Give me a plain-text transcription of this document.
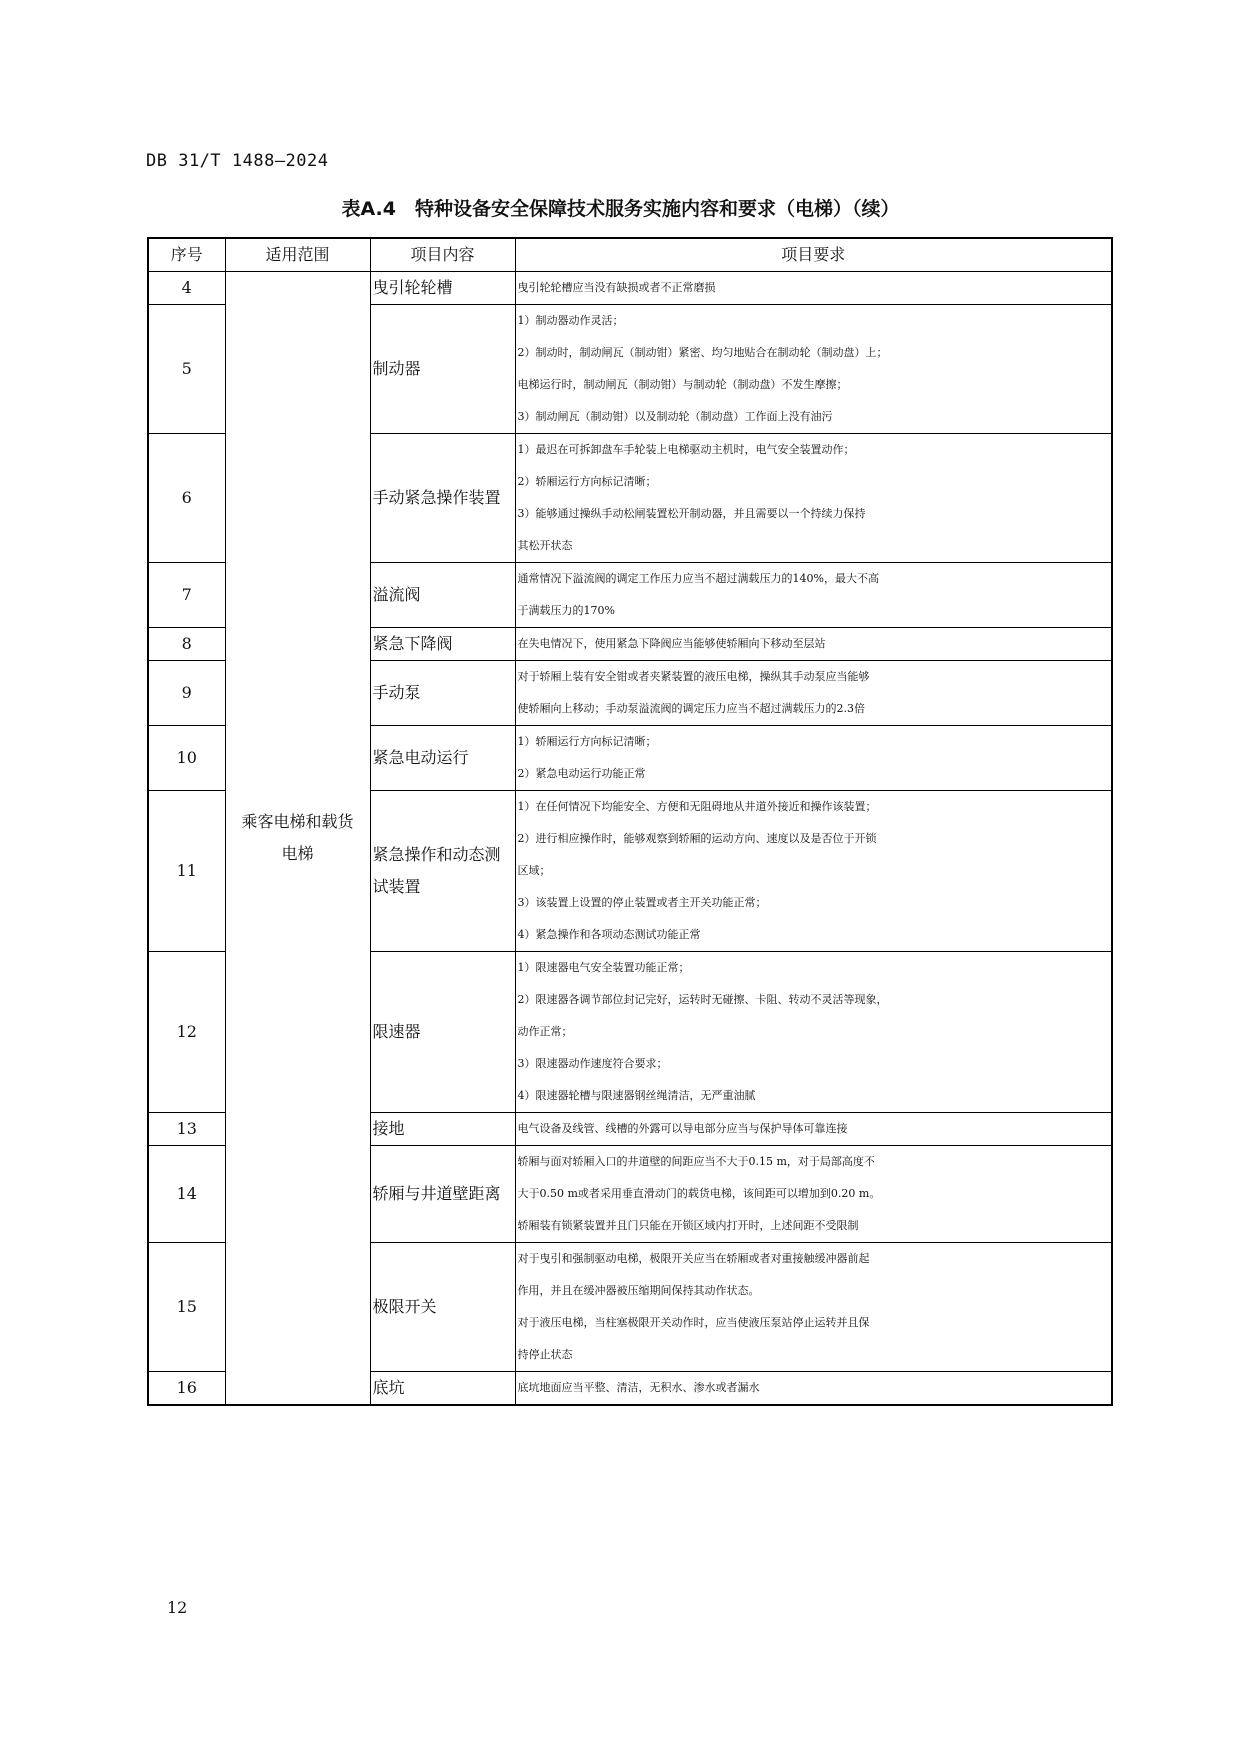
DB 31/T 1488—2024
表A.4　特种设备安全保障技术服务实施内容和要求（电梯）（续）
序号	适用范围	项目内容	项目要求
4	乘客电梯和载货电梯	曳引轮轮槽	曳引轮轮槽应当没有缺损或者不正常磨损

5		制动器	1）制动器动作灵活；
2）制动时，制动闸瓦（制动钳）紧密、均匀地贴合在制动轮（制动盘）上；
电梯运行时，制动闸瓦（制动钳）与制动轮（制动盘）不发生摩擦；
3）制动闸瓦（制动钳）以及制动轮（制动盘）工作面上没有油污

6		手动紧急操作装置	1）最迟在可拆卸盘车手轮装上电梯驱动主机时，电气安全装置动作；
2）轿厢运行方向标记清晰；
3）能够通过操纵手动松闸装置松开制动器，并且需要以一个持续力保持
其松开状态

7		溢流阀	通常情况下溢流阀的调定工作压力应当不超过满载压力的140%，最大不高
于满载压力的170%

8		紧急下降阀	在失电情况下，使用紧急下降阀应当能够使轿厢向下移动至层站

9		手动泵	对于轿厢上装有安全钳或者夹紧装置的液压电梯，操纵其手动泵应当能够
使轿厢向上移动；手动泵溢流阀的调定压力应当不超过满载压力的2.3倍

10		紧急电动运行	1）轿厢运行方向标记清晰；
2）紧急电动运行功能正常

11		紧急操作和动态测试装置	1）在任何情况下均能安全、方便和无阻碍地从井道外接近和操作该装置；
2）进行相应操作时，能够观察到轿厢的运动方向、速度以及是否位于开锁
区域；
3）该装置上设置的停止装置或者主开关功能正常；
4）紧急操作和各项动态测试功能正常

12		限速器	1）限速器电气安全装置功能正常；
2）限速器各调节部位封记完好，运转时无碰擦、卡阻、转动不灵活等现象，
动作正常；
3）限速器动作速度符合要求；
4）限速器轮槽与限速器钢丝绳清洁，无严重油腻

13		接地	电气设备及线管、线槽的外露可以导电部分应当与保护导体可靠连接

14		轿厢与井道壁距离	轿厢与面对轿厢入口的井道壁的间距应当不大于0.15 m，对于局部高度不
大于0.50 m或者采用垂直滑动门的载货电梯，该间距可以增加到0.20 m。
轿厢装有锁紧装置并且门只能在开锁区域内打开时，上述间距不受限制

15		极限开关	对于曳引和强制驱动电梯，极限开关应当在轿厢或者对重接触缓冲器前起
作用，并且在缓冲器被压缩期间保持其动作状态。
对于液压电梯，当柱塞极限开关动作时，应当使液压泵站停止运转并且保
持停止状态

16		底坑	底坑地面应当平整、清洁，无积水、渗水或者漏水
12
